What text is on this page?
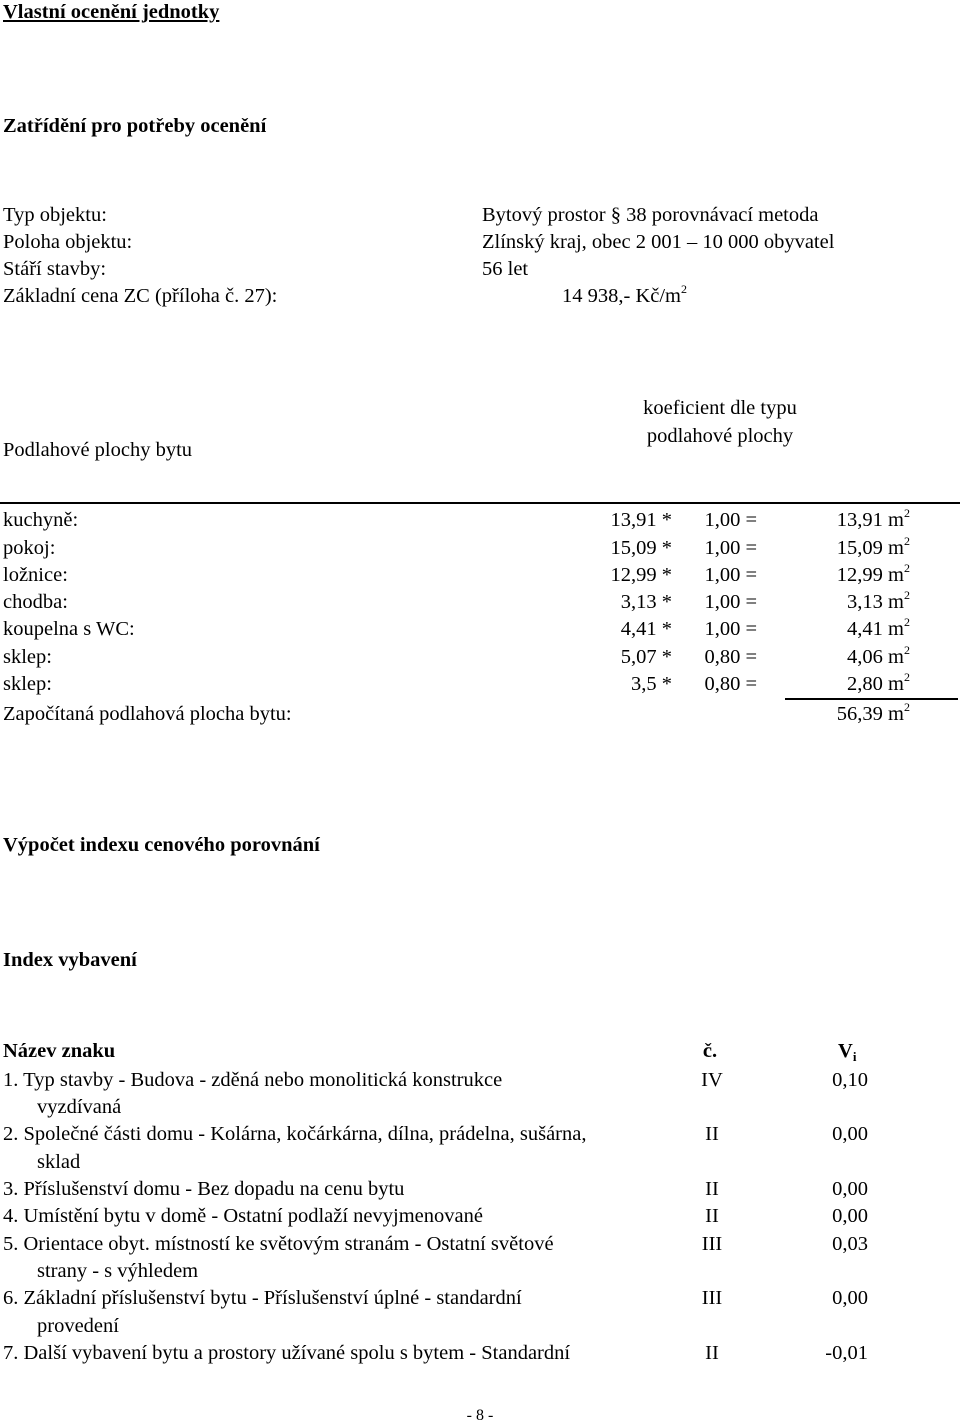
Vlastní ocenění jednotky
Zatřídění pro potřeby ocenění
Typ objektu:	Bytový prostor § 38 porovnávací metoda
Poloha objektu:	Zlínský kraj, obec 2 001 – 10 000 obyvatel
Stáří stavby:	56 let
Základní cena ZC (příloha č. 27):	14 938,- $Kč/m^2$
Podlahové plochy bytu
koeficient dle typu
podlahové plochy
kuchyně:	13,91 *	1,00 =	13,91 $m^2$
pokoj:	15,09 *	1,00 =	15,09 $m^2$
ložnice:	12,99 *	1,00 =	12,99 $m^2$
chodba:	3,13 *	1,00 =	3,13 $m^2$
koupelna s WC:	4,41 *	1,00 =	4,41 $m^2$
sklep:	5,07 *	0,80 =	4,06 $m^2$
sklep:	3,5 *	0,80 =	2,80 $m^2$
Započítaná podlahová plocha bytu:	56,39 $m^2$
Výpočet indexu cenového porovnání
Index vybavení
Název znaku	č.	$V_i$
1. Typ stavby - Budova - zděná nebo monolitická konstrukce
vyzdívaná
IV	0,10
2. Společné části domu - Kolárna, kočárkárna, dílna, prádelna, sušárna,
sklad
II	0,00
3. Příslušenství domu - Bez dopadu na cenu bytu	II	0,00
4. Umístění bytu v domě - Ostatní podlaží nevyjmenované	II	0,00
5. Orientace obyt. místností ke světovým stranám - Ostatní světové
strany - s výhledem
III	0,03
6. Základní příslušenství bytu - Příslušenství úplné - standardní
provedení
III	0,00
7. Další vybavení bytu a prostory užívané spolu s bytem - Standardní	II	-0,01
- 8 -
